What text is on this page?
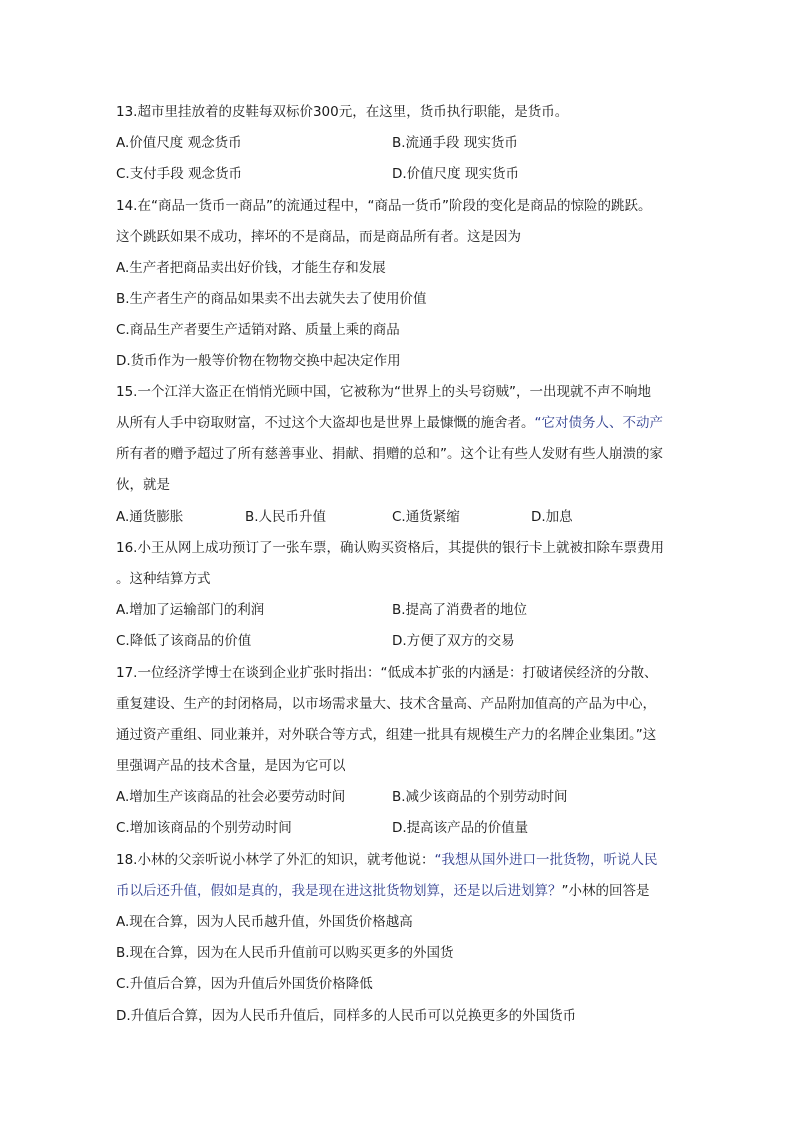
13.超市里挂放着的皮鞋每双标价300元，在这里，货币执行职能，是货币。
A.价值尺度 观念货币	B.流通手段 现实货币
C.支付手段 观念货币	D.价值尺度 现实货币
14.在“商品一货币一商品”的流通过程中，“商品一货币”阶段的变化是商品的惊险的跳跃。
这个跳跃如果不成功，摔坏的不是商品，而是商品所有者。这是因为
A.生产者把商品卖出好价钱，才能生存和发展
B.生产者生产的商品如果卖不出去就失去了使用价值
C.商品生产者要生产适销对路、质量上乘的商品
D.货币作为一般等价物在物物交换中起决定作用
15.一个江洋大盗正在悄悄光顾中国，它被称为“世界上的头号窃贼”，一出现就不声不响地
从所有人手中窃取财富，不过这个大盗却也是世界上最慷慨的施舍者。“它对债务人、不动产
所有者的赠予超过了所有慈善事业、捐献、捐赠的总和”。这个让有些人发财有些人崩溃的家
伙，就是
A.通货膨胀	B.人民币升值	C.通货紧缩	D.加息
16.小王从网上成功预订了一张车票，确认购买资格后，其提供的银行卡上就被扣除车票费用
。这种结算方式
A.增加了运输部门的利润	B.提高了消费者的地位
C.降低了该商品的价值	D.方便了双方的交易
17.一位经济学博士在谈到企业扩张时指出：“低成本扩张的内涵是：打破诸侯经济的分散、
重复建设、生产的封闭格局，以市场需求量大、技术含量高、产品附加值高的产品为中心，
通过资产重组、同业兼并，对外联合等方式，组建一批具有规模生产力的名牌企业集团。”这
里强调产品的技术含量，是因为它可以
A.增加生产该商品的社会必要劳动时间	B.减少该商品的个别劳动时间
C.增加该商品的个别劳动时间	D.提高该产品的价值量
18.小林的父亲听说小林学了外汇的知识，就考他说：“我想从国外进口一批货物，听说人民
币以后还升值，假如是真的，我是现在进这批货物划算，还是以后进划算？”小林的回答是
A.现在合算，因为人民币越升值，外国货价格越高
B.现在合算，因为在人民币升值前可以购买更多的外国货
C.升值后合算，因为升值后外国货价格降低
D.升值后合算，因为人民币升值后，同样多的人民币可以兑换更多的外国货币
